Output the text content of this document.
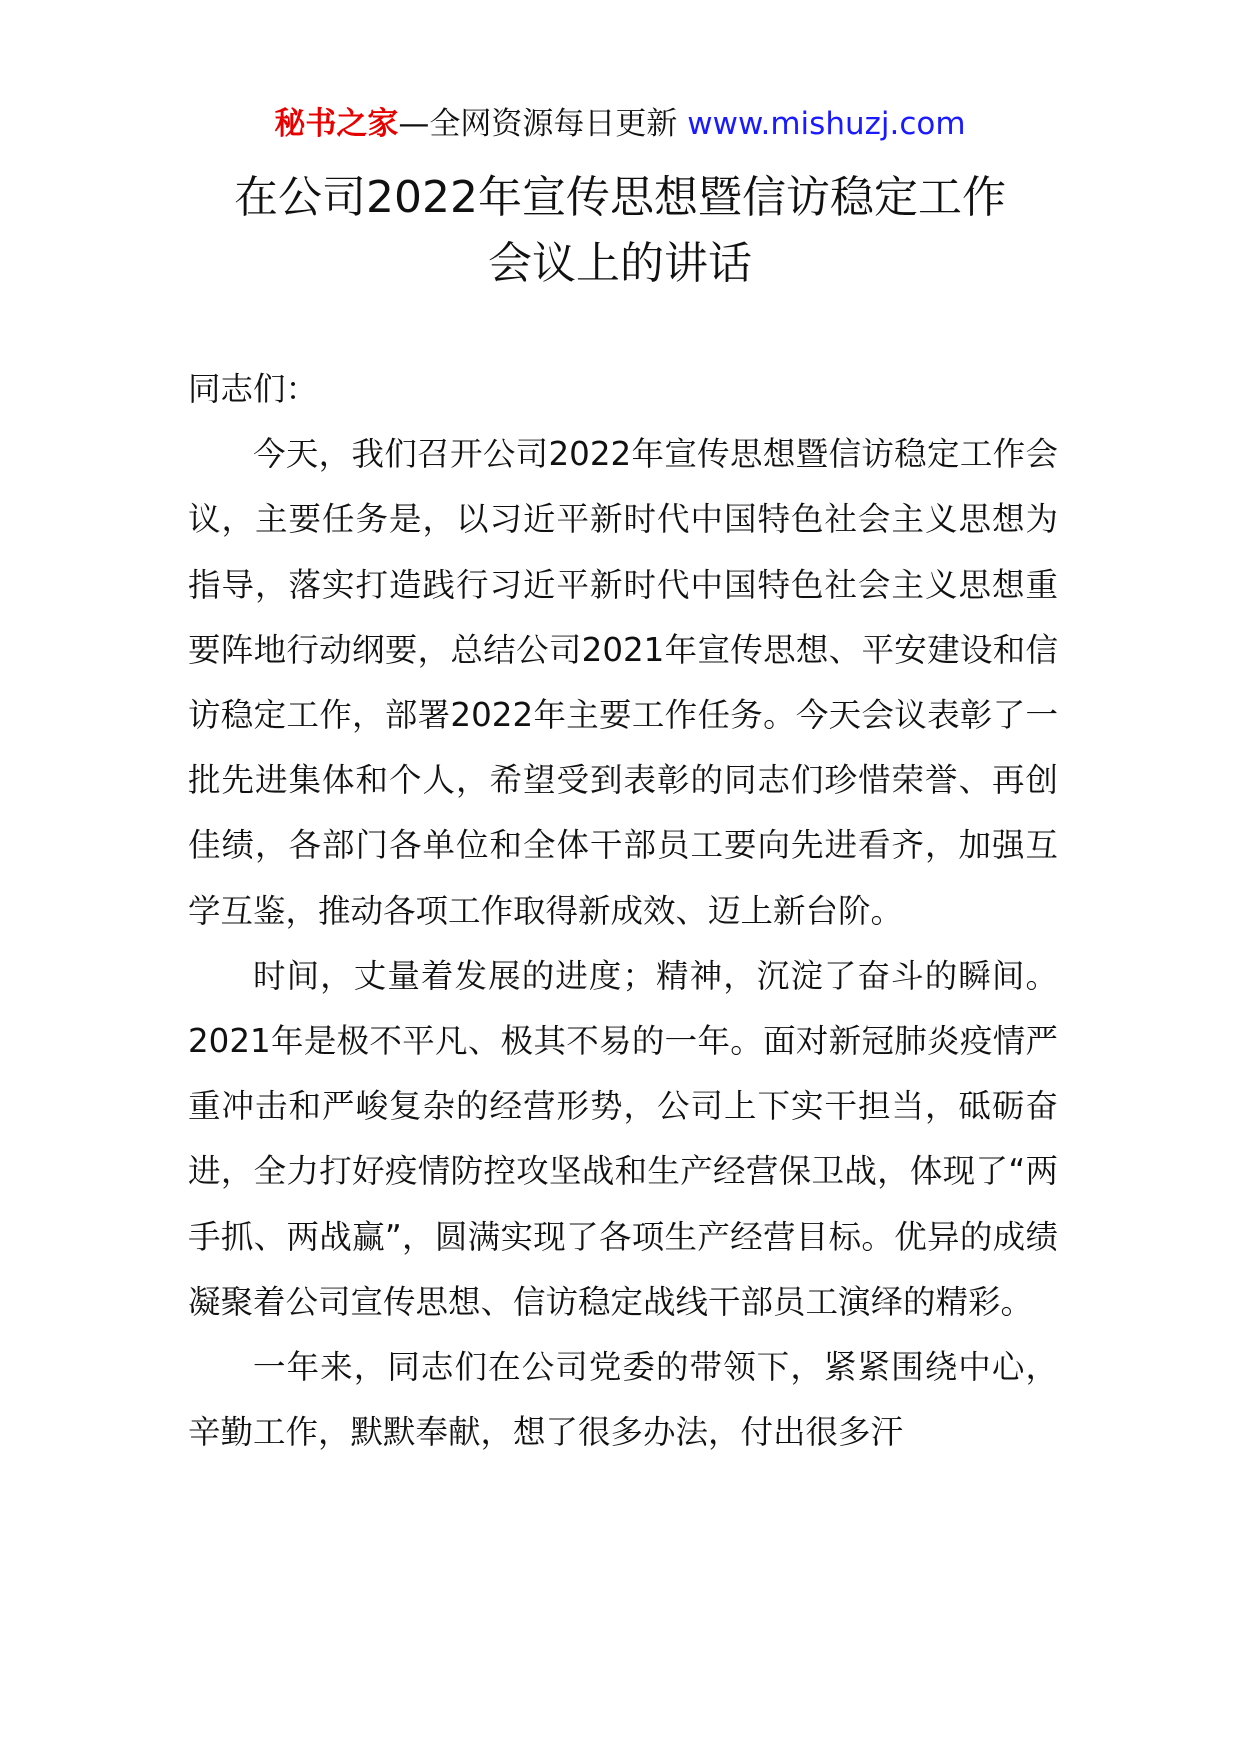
秘书之家—全网资源每日更新 www.mishuzj.com
在公司2022年宣传思想暨信访稳定工作
会议上的讲话

同志们：

今天，我们召开公司2022年宣传思想暨信访稳定工作会议，主要任务是，以习近平新时代中国特色社会主义思想为指导，落实打造践行习近平新时代中国特色社会主义思想重要阵地行动纲要，总结公司2021年宣传思想、平安建设和信访稳定工作，部署2022年主要工作任务。今天会议表彰了一批先进集体和个人，希望受到表彰的同志们珍惜荣誉、再创佳绩，各部门各单位和全体干部员工要向先进看齐，加强互学互鉴，推动各项工作取得新成效、迈上新台阶。

时间，丈量着发展的进度；精神，沉淀了奋斗的瞬间。2021年是极不平凡、极其不易的一年。面对新冠肺炎疫情严重冲击和严峻复杂的经营形势，公司上下实干担当，砥砺奋进，全力打好疫情防控攻坚战和生产经营保卫战，体现了“两手抓、两战赢”，圆满实现了各项生产经营目标。优异的成绩凝聚着公司宣传思想、信访稳定战线干部员工演绎的精彩。

一年来，同志们在公司党委的带领下，紧紧围绕中心，辛勤工作，默默奉献，想了很多办法，付出很多汗
